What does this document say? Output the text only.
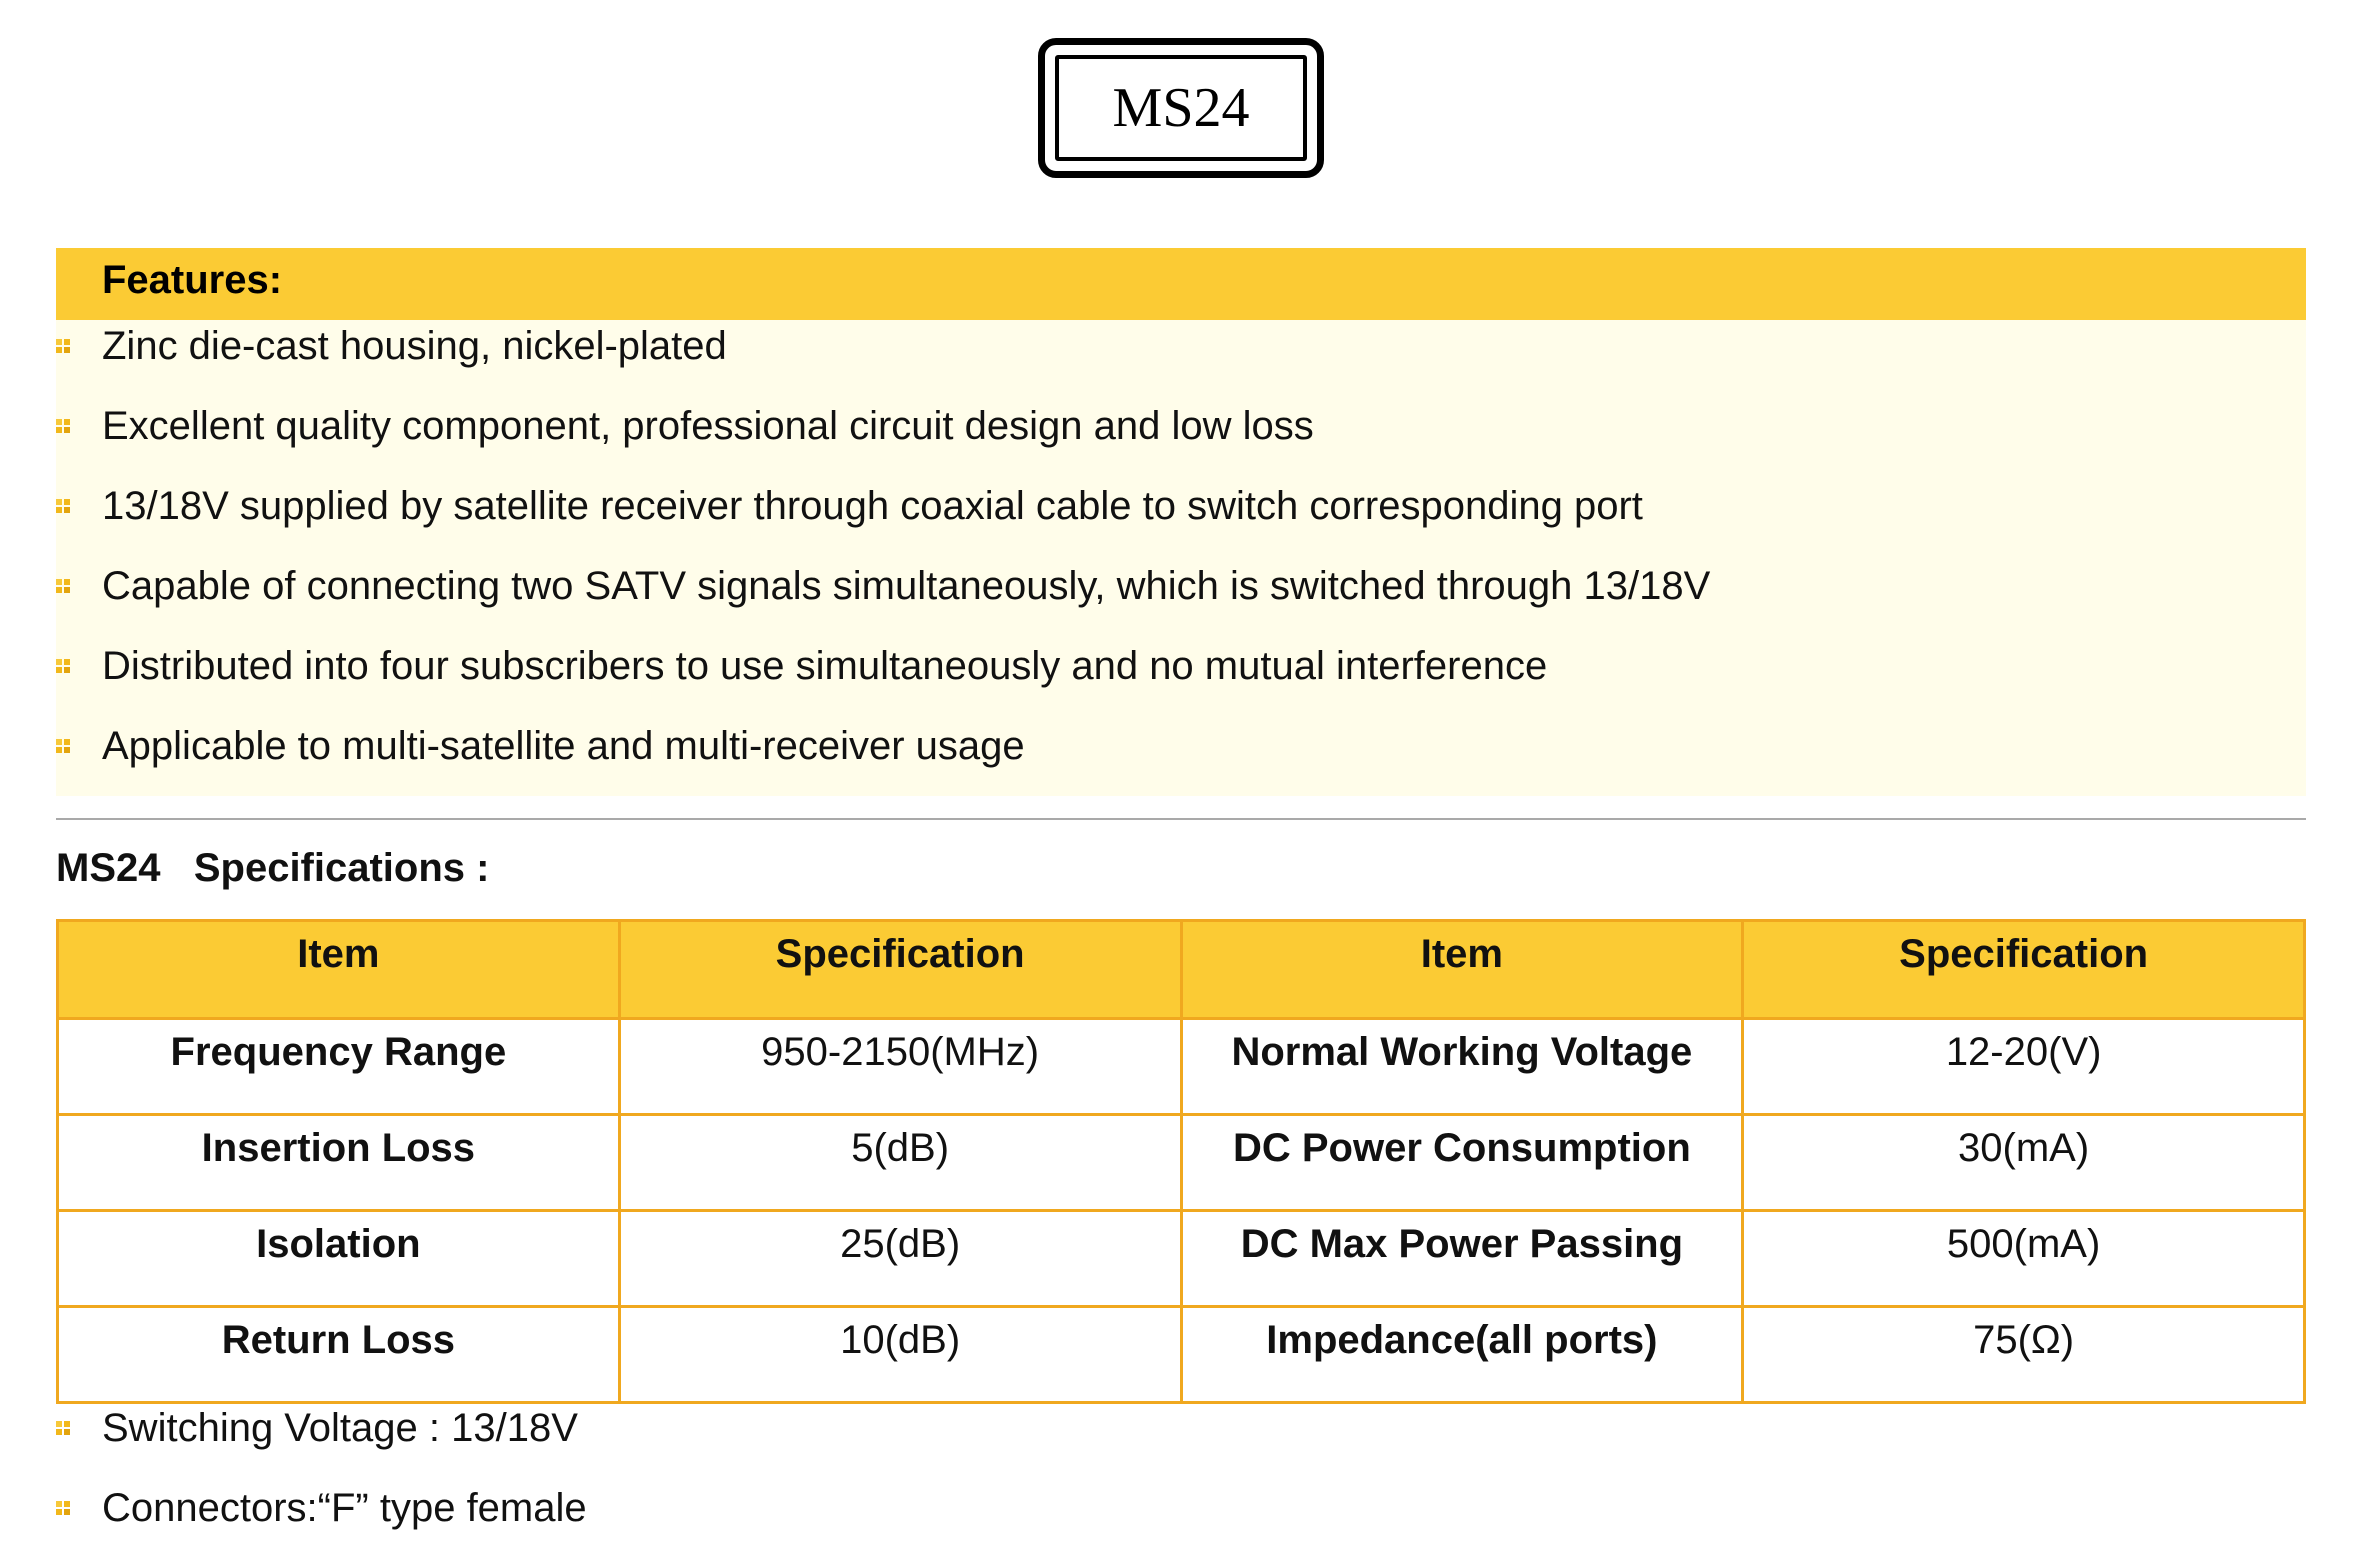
MS24
Features:
Zinc die-cast housing, nickel-plated
Excellent quality component, professional circuit design and low loss
13/18V supplied by satellite receiver through coaxial cable to switch corresponding port
Capable of connecting two SATV signals simultaneously, which is switched through 13/18V
Distributed into four subscribers to use simultaneously and no mutual interference
Applicable to multi-satellite and multi-receiver usage
MS24   Specifications :
Item	Specification	Item	Specification
Frequency Range	950-2150(MHz)	Normal Working Voltage	12-20(V)
Insertion Loss	5(dB)	DC Power Consumption	30(mA)
Isolation	25(dB)	DC Max Power Passing	500(mA)
Return Loss	10(dB)	Impedance(all ports)	75(Ω)
Switching Voltage : 13/18V
Connectors:“F” type female
